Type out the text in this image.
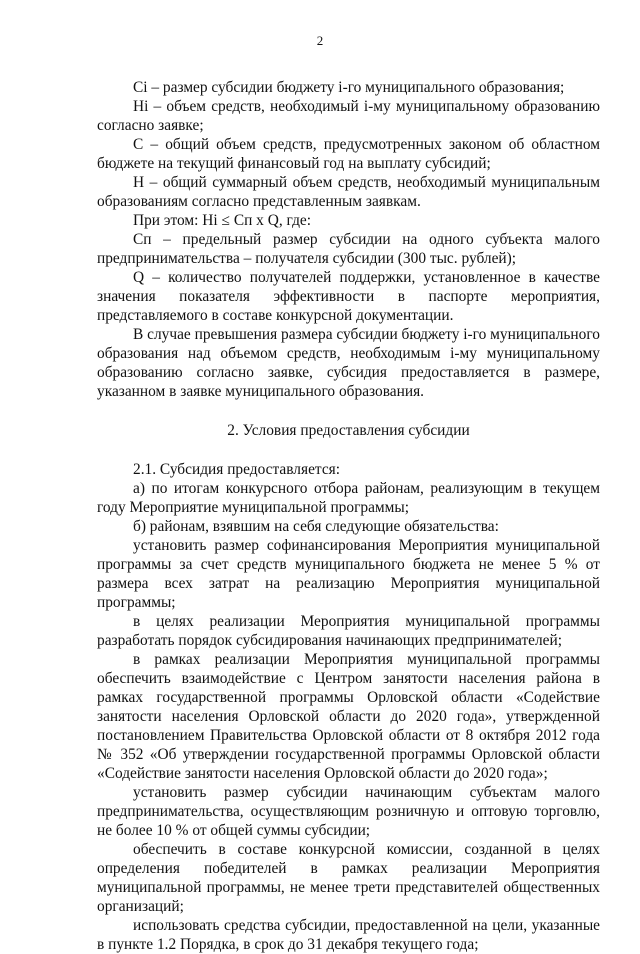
2

Сi – размер субсидии бюджету i-го муниципального образования;

Hi – объем средств, необходимый i-му муниципальному образованию согласно заявке;

С – общий объем средств, предусмотренных законом об областном бюджете на текущий финансовый год на выплату субсидий;

Н – общий суммарный объем средств, необходимый муниципальным образованиям согласно представленным заявкам.

При этом: Hi ≤ Сп х Q, где:

Сп – предельный размер субсидии на одного субъекта малого предпринимательства – получателя субсидии (300 тыс. рублей);

Q – количество получателей поддержки, установленное в качестве значения показателя эффективности в паспорте мероприятия, представляемого в составе конкурсной документации.

В случае превышения размера субсидии бюджету i-го муниципального образования над объемом средств, необходимым i-му муниципальному образованию согласно заявке, субсидия предоставляется в размере, указанном в заявке муниципального образования.

2. Условия предоставления субсидии

2.1. Субсидия предоставляется:

а) по итогам конкурсного отбора районам, реализующим в текущем году Мероприятие муниципальной программы;

б) районам, взявшим на себя следующие обязательства:

установить размер софинансирования Мероприятия муниципальной программы за счет средств муниципального бюджета не менее 5 % от размера всех затрат на реализацию Мероприятия муниципальной программы;

в целях реализации Мероприятия муниципальной программы разработать порядок субсидирования начинающих предпринимателей;

в рамках реализации Мероприятия муниципальной программы обеспечить взаимодействие с Центром занятости населения района в рамках государственной программы Орловской области «Содействие занятости населения Орловской области до 2020 года», утвержденной постановлением Правительства Орловской области от 8 октября 2012 года № 352 «Об утверждении государственной программы Орловской области «Содействие занятости населения Орловской области до 2020 года»;

установить размер субсидии начинающим субъектам малого предпринимательства, осуществляющим розничную и оптовую торговлю, не более 10 % от общей суммы субсидии;

обеспечить в составе конкурсной комиссии, созданной в целях определения победителей в рамках реализации Мероприятия муниципальной программы, не менее трети представителей общественных организаций;

использовать средства субсидии, предоставленной на цели, указанные в пункте 1.2 Порядка, в срок до 31 декабря текущего года;
